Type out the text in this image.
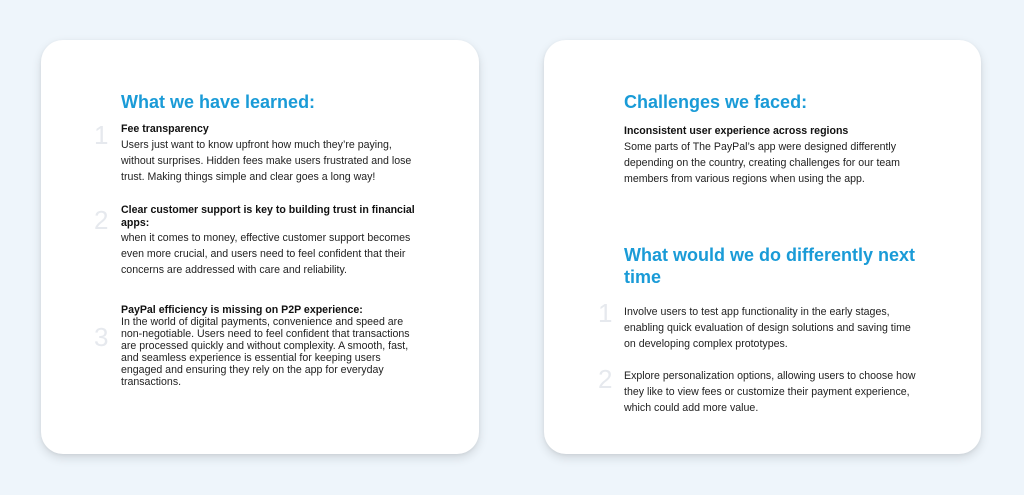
What we have learned:
1 Fee transparency
Users just want to know upfront how much they’re paying, without surprises. Hidden fees make users frustrated and lose trust. Making things simple and clear goes a long way!
2 Clear customer support is key to building trust in financial apps:
when it comes to money, effective customer support becomes even more crucial, and users need to feel confident that their concerns are addressed with care and reliability.
3
PayPal efficiency is missing on P2P experience:
In the world of digital payments, convenience and speed are non-negotiable. Users need to feel confident that transactions are processed quickly and without complexity. A smooth, fast, and seamless experience is essential for keeping users engaged and ensuring they rely on the app for everyday transactions.
Challenges we faced:
Inconsistent user experience across regions
Some parts of The PayPal’s app were designed differently depending on the country, creating challenges for our team members from various regions when using the app.
What would we do differently next time
1 Involve users to test app functionality in the early stages, enabling quick evaluation of design solutions and saving time on developing complex prototypes.
2 Explore personalization options, allowing users to choose how they like to view fees or customize their payment experience, which could add more value.
